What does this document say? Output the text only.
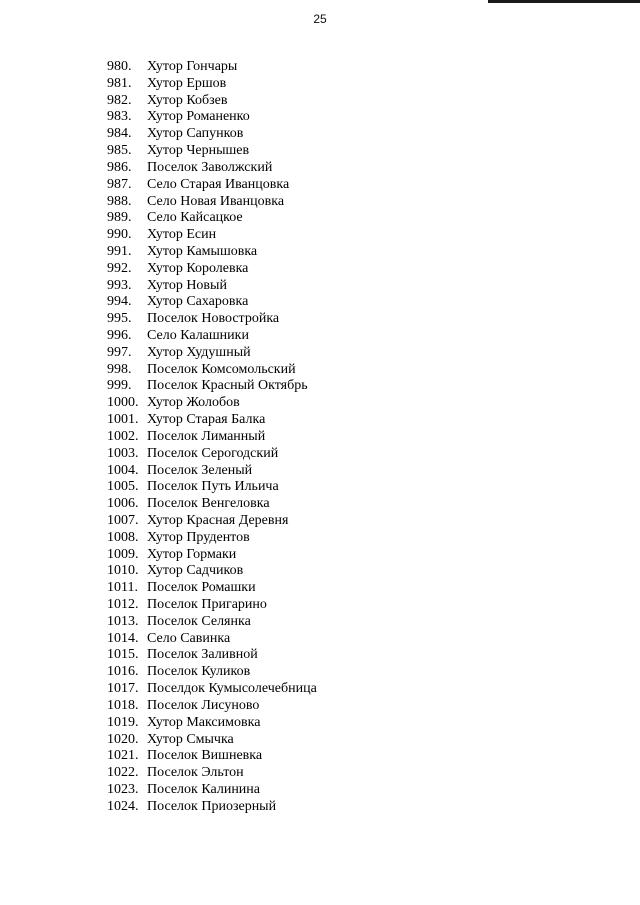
25
980.	Хутор Гончары
981.	Хутор Ершов
982.	Хутор Кобзев
983.	Хутор Романенко
984.	Хутор Сапунков
985.	Хутор Чернышев
986.	Поселок Заволжский
987.	Село Старая Иванцовка
988.	Село Новая Иванцовка
989.	Село Кайсацкое
990.	Хутор Есин
991.	Хутор Камышовка
992.	Хутор Королевка
993.	Хутор Новый
994.	Хутор Сахаровка
995.	Поселок Новостройка
996.	Село Калашники
997.	Хутор Худушный
998.	Поселок Комсомольский
999.	Поселок Красный Октябрь
1000. Хутор Жолобов
1001. Хутор Старая Балка
1002. Поселок Лиманный
1003. Поселок Серогодский
1004. Поселок Зеленый
1005. Поселок Путь Ильича
1006. Поселок Венгеловка
1007. Хутор Красная Деревня
1008. Хутор Прудентов
1009. Хутор Гормаки
1010. Хутор Садчиков
1011. Поселок Ромашки
1012. Поселок Пригарино
1013. Поселок Селянка
1014. Село Савинка
1015. Поселок Заливной
1016. Поселок Куликов
1017. Поселдок Кумысолечебница
1018. Поселок Лисуново
1019. Хутор Максимовка
1020. Хутор Смычка
1021. Поселок Вишневка
1022. Поселок Эльтон
1023. Поселок Калинина
1024. Поселок Приозерный
